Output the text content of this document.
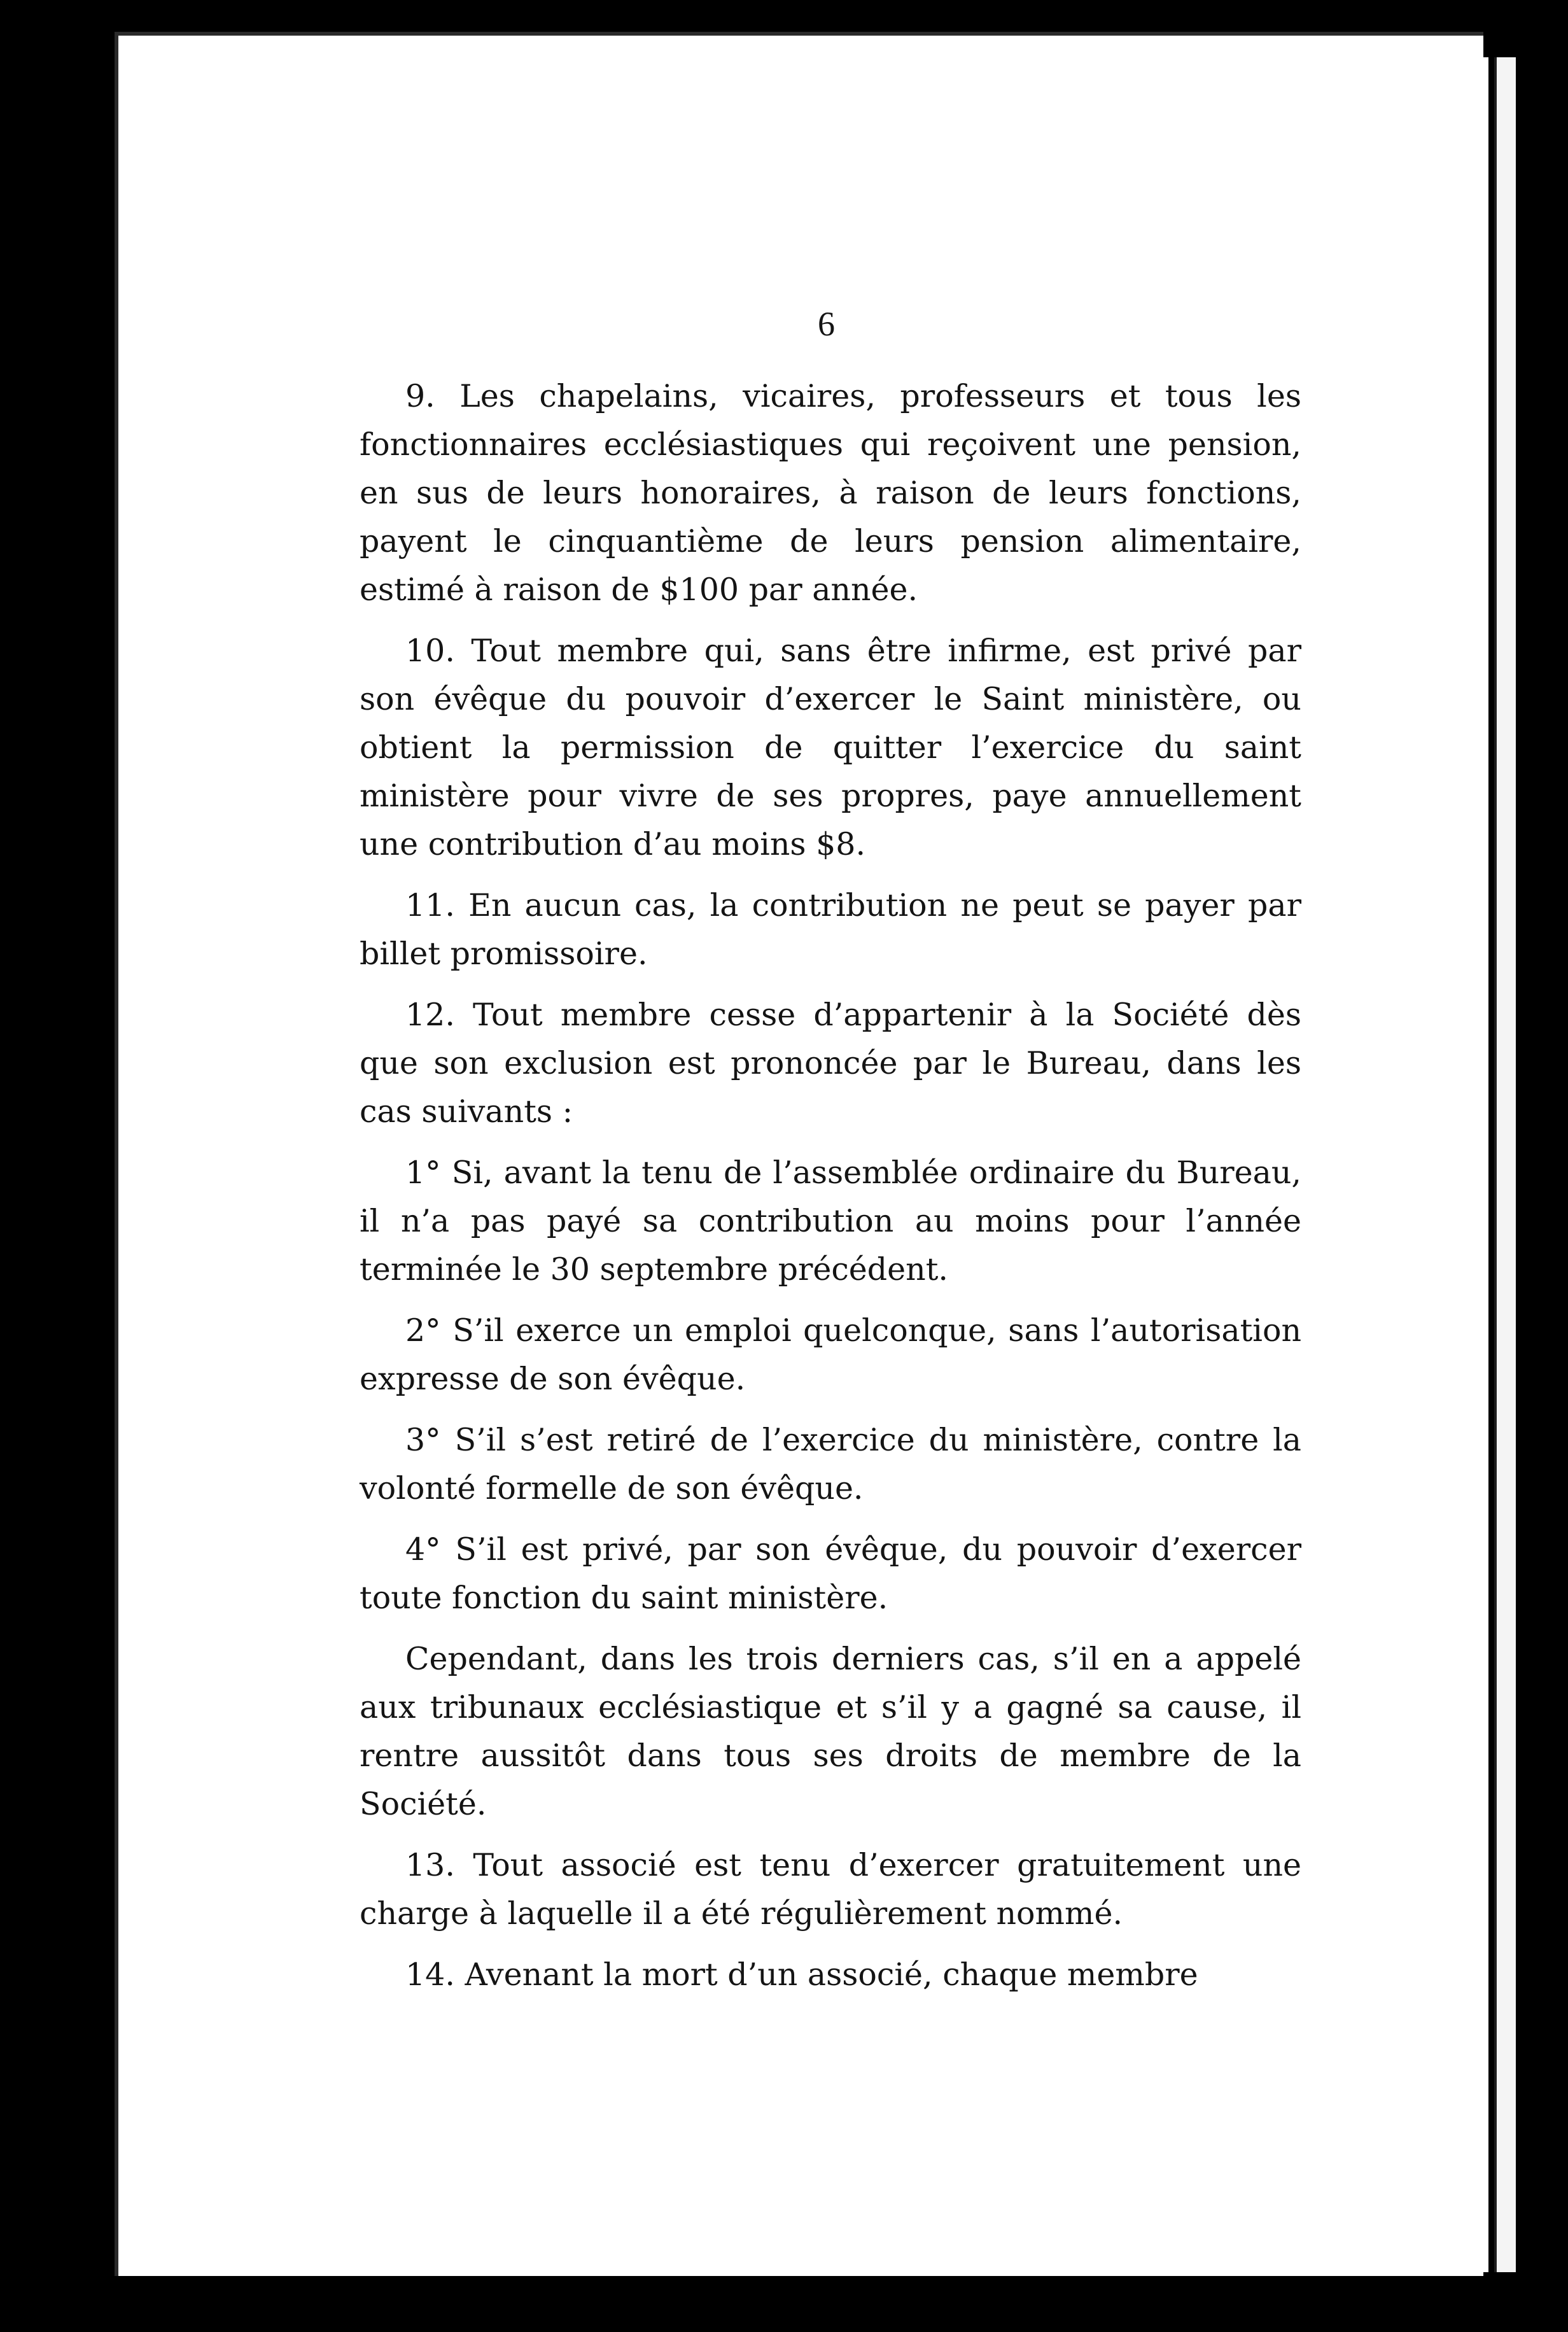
6

9. Les chapelains, vicaires, professeurs et tous les fonctionnaires ecclésiastiques qui reçoivent une pension, en sus de leurs honoraires, à raison de leurs fonctions, payent le cinquantième de leurs pension alimentaire, estimé à raison de $100 par année.

10. Tout membre qui, sans être infirme, est privé par son évêque du pouvoir d’exercer le Saint ministère, ou obtient la permission de quitter l’exercice du saint ministère pour vivre de ses propres, paye annuellement une contribution d’au moins $8.

11. En aucun cas, la contribution ne peut se payer par billet promissoire.

12. Tout membre cesse d’appartenir à la Société dès que son exclusion est prononcée par le Bureau, dans les cas suivants :

1° Si, avant la tenu de l’assemblée ordinaire du Bureau, il n’a pas payé sa contribution au moins pour l’année terminée le 30 septembre précédent.

2° S’il exerce un emploi quelconque, sans l’autorisation expresse de son évêque.

3° S’il s’est retiré de l’exercice du ministère, contre la volonté formelle de son évêque.

4° S’il est privé, par son évêque, du pouvoir d’exercer toute fonction du saint ministère.

Cependant, dans les trois derniers cas, s’il en a appelé aux tribunaux ecclésiastique et s’il y a gagné sa cause, il rentre aussitôt dans tous ses droits de membre de la Société.

13. Tout associé est tenu d’exercer gratuitement une charge à laquelle il a été régulièrement nommé.

14. Avenant la mort d’un associé, chaque membre
